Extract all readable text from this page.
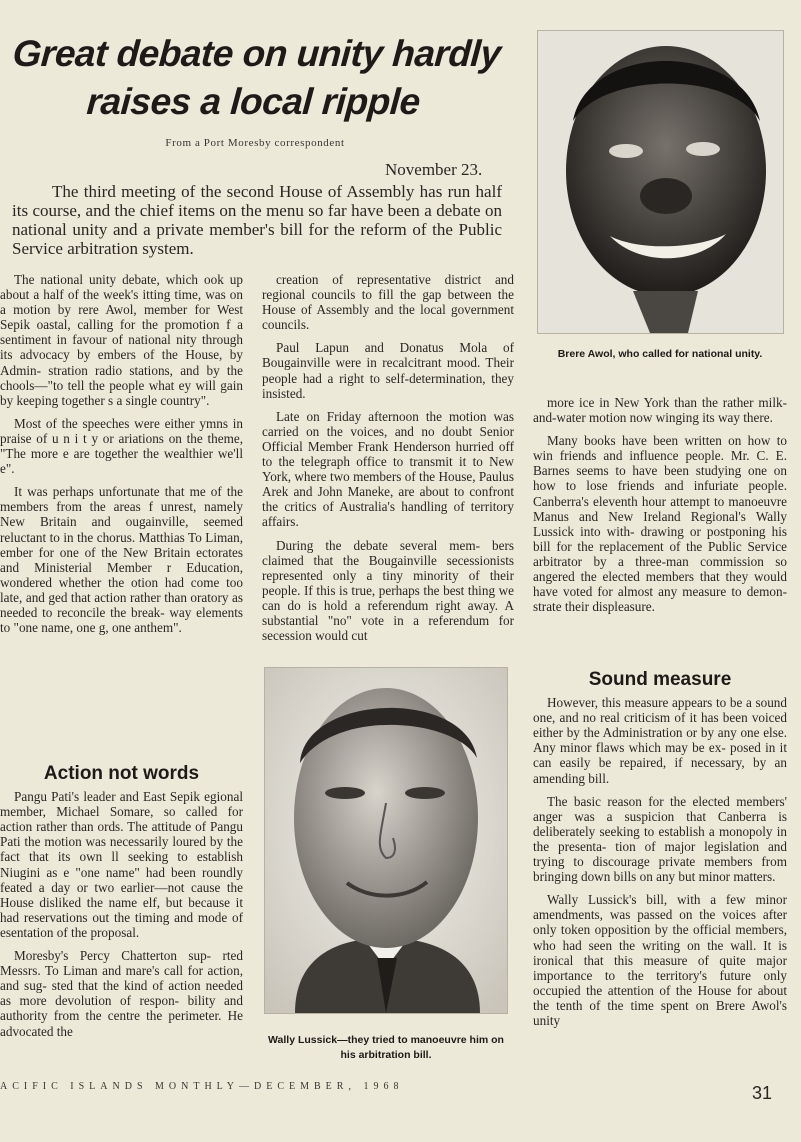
Great debate on unity hardly
raises a local ripple
From a Port Moresby correspondent
November 23.
The third meeting of the second House of Assembly has run half its course, and the chief items on the menu so far have been a debate on national unity and a private member's bill for the reform of the Public Service arbitration system.

The national unity debate, which ook up about a half of the week's itting time, was on a motion by rere Awol, member for West Sepik oastal, calling for the promotion f a sentiment in favour of national nity through its advocacy by embers of the House, by Admin- stration radio stations, and by the chools—"to tell the people what ey will gain by keeping together s a single country".

Most of the speeches were either ymns in praise of u n i t y or ariations on the theme, "The more e are together the wealthier we'll e".

It was perhaps unfortunate that me of the members from the areas f unrest, namely New Britain and ougainville, seemed reluctant to in the chorus. Matthias To Liman, ember for one of the New Britain ectorates and Ministerial Member r Education, wondered whether the otion had come too late, and ged that action rather than oratory as needed to reconcile the break- way elements to "one name, one g, one anthem".

Action not words

Pangu Pati's leader and East Sepik egional member, Michael Somare, so called for action rather than ords. The attitude of Pangu Pati the motion was necessarily loured by the fact that its own ll seeking to establish Niugini as e "one name" had been roundly feated a day or two earlier—not cause the House disliked the name elf, but because it had reservations out the timing and mode of esentation of the proposal.

Moresby's Percy Chatterton sup- rted Messrs. To Liman and mare's call for action, and sug- sted that the kind of action needed as more devolution of respon- bility and authority from the centre the perimeter. He advocated the

creation of representative district and regional councils to fill the gap between the House of Assembly and the local government councils.

Paul Lapun and Donatus Mola of Bougainville were in recalcitrant mood. Their people had a right to self-determination, they insisted.

Late on Friday afternoon the motion was carried on the voices, and no doubt Senior Official Member Frank Henderson hurried off to the telegraph office to transmit it to New York, where two members of the House, Paulus Arek and John Maneke, are about to confront the critics of Australia's handling of territory affairs.

During the debate several mem- bers claimed that the Bougainville secessionists represented only a tiny minority of their people. If this is true, perhaps the best thing we can do is hold a referendum right away. A substantial "no" vote in a referendum for secession would cut

Wally Lussick—they tried to manoeuvre him on his arbitration bill.
Brere Awol, who called for national unity.

more ice in New York than the rather milk-and-water motion now winging its way there.

Many books have been written on how to win friends and influence people. Mr. C. E. Barnes seems to have been studying one on how to lose friends and infuriate people. Canberra's eleventh hour attempt to manoeuvre Manus and New Ireland Regional's Wally Lussick into with- drawing or postponing his bill for the replacement of the Public Service arbitrator by a three-man commission so angered the elected members that they would have voted for almost any measure to demon- strate their displeasure.

Sound measure

However, this measure appears to be a sound one, and no real criticism of it has been voiced either by the Administration or by any one else. Any minor flaws which may be ex- posed in it can easily be repaired, if necessary, by an amending bill.

The basic reason for the elected members' anger was a suspicion that Canberra is deliberately seeking to establish a monopoly in the presenta- tion of major legislation and trying to discourage private members from bringing down bills on any but minor matters.

Wally Lussick's bill, with a few minor amendments, was passed on the voices after only token opposition by the official members, who had seen the writing on the wall. It is ironical that this measure of quite major importance to the territory's future only occupied the attention of the House for about the tenth of the time spent on Brere Awol's unity

ACIFIC ISLANDS MONTHLY—DECEMBER, 1968	31
